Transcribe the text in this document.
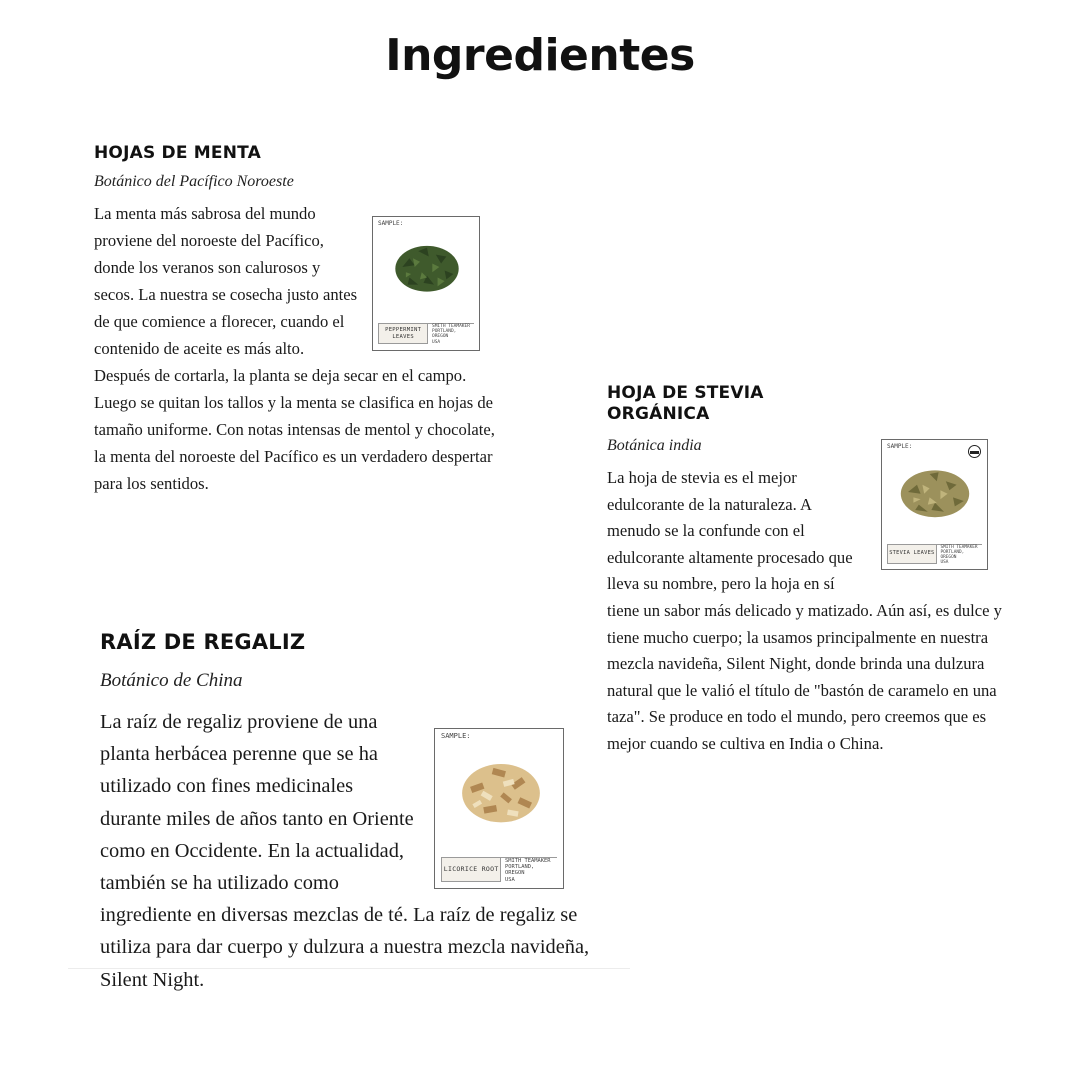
Ingredientes
HOJAS DE MENTA

Botánico del Pacífico Noroeste

SAMPLE:
PEPPERMINT LEAVES
SMITH TEAMAKER
PORTLAND, OREGON
USA

La menta más sabrosa del mundo proviene del noroeste del Pacífico, donde los veranos son calurosos y secos. La nuestra se cosecha justo antes de que comience a florecer, cuando el contenido de aceite es más alto. Después de cortarla, la planta se deja secar en el campo. Luego se quitan los tallos y la menta se clasifica en hojas de tamaño uniforme. Con notas intensas de mentol y chocolate, la menta del noroeste del Pacífico es un verdadero despertar para los sentidos.

HOJA DE STEVIA ORGÁNICA

Botánica india	SAMPLE:
STEVIA LEAVES
SMITH TEAMAKER
PORTLAND, OREGON
USA

La hoja de stevia es el mejor edulcorante de la naturaleza. A menudo se la confunde con el edulcorante altamente procesado que lleva su nombre, pero la hoja en sí tiene un sabor más delicado y matizado. Aún así, es dulce y tiene mucho cuerpo; la usamos principalmente en nuestra mezcla navideña, Silent Night, donde brinda una dulzura natural que le valió el título de "bastón de caramelo en una taza". Se produce en todo el mundo, pero creemos que es mejor cuando se cultiva en India o China.

RAÍZ DE REGALIZ

Botánico de China

SAMPLE:
LICORICE ROOT
SMITH TEAMAKER
PORTLAND, OREGON
USA

La raíz de regaliz proviene de una planta herbácea perenne que se ha utilizado con fines medicinales durante miles de años tanto en Oriente como en Occidente. En la actualidad, también se ha utilizado como ingrediente en diversas mezclas de té. La raíz de regaliz se utiliza para dar cuerpo y dulzura a nuestra mezcla navideña, Silent Night.
